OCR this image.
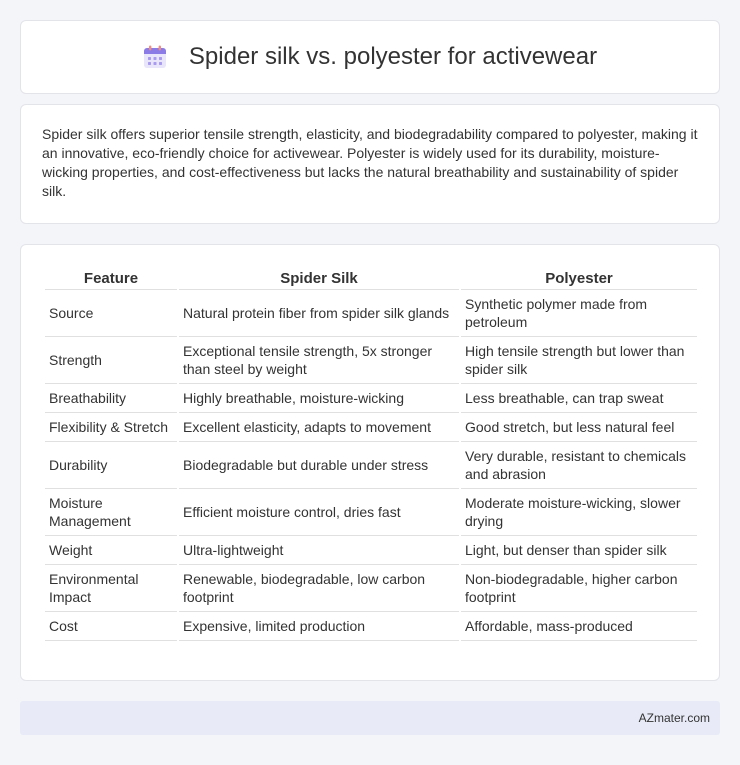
Spider silk vs. polyester for activewear

Spider silk offers superior tensile strength, elasticity, and biodegradability compared to polyester, making it an innovative, eco-friendly choice for activewear. Polyester is widely used for its durability, moisture-wicking properties, and cost-effectiveness but lacks the natural breathability and sustainability of spider silk.

Feature	Spider Silk	Polyester
Source	Natural protein fiber from spider silk glands	Synthetic polymer made from petroleum
Strength	Exceptional tensile strength, 5x stronger than steel by weight	High tensile strength but lower than spider silk
Breathability	Highly breathable, moisture-wicking	Less breathable, can trap sweat
Flexibility & Stretch	Excellent elasticity, adapts to movement	Good stretch, but less natural feel
Durability	Biodegradable but durable under stress	Very durable, resistant to chemicals and abrasion
Moisture Management	Efficient moisture control, dries fast	Moderate moisture-wicking, slower drying
Weight	Ultra-lightweight	Light, but denser than spider silk
Environmental Impact	Renewable, biodegradable, low carbon footprint	Non-biodegradable, higher carbon footprint
Cost	Expensive, limited production	Affordable, mass-produced
AZmater.com
